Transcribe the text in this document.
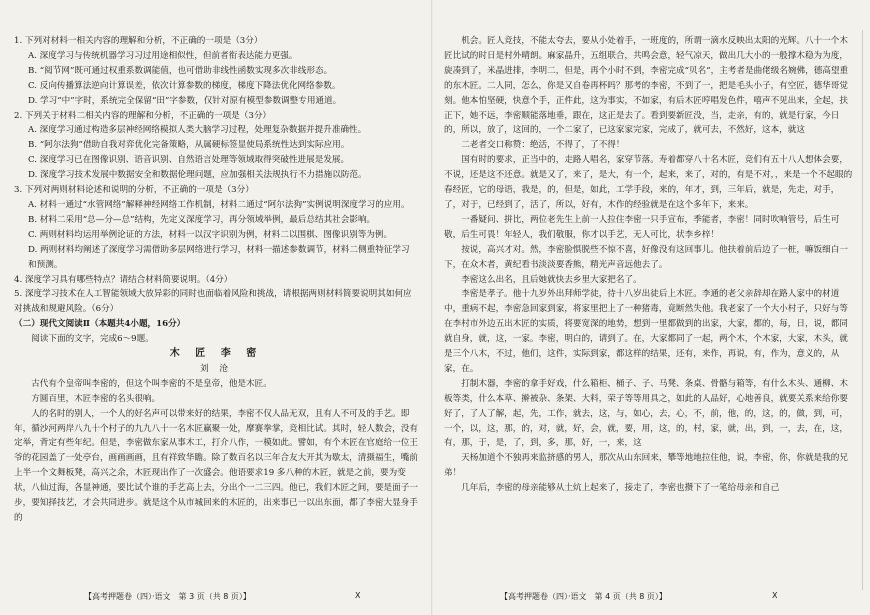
1. 下列对材料一相关内容的理解和分析，不正确的一项是（3分）

A. 深度学习与传统机器学习习过用途相似性，但前者衔表达能力更强。

B. “阅节网”既可通过权重系数调能值，也可借助非线性函数实现多次非线形态。

C. 反向传播算法逆向计算误差，依次计算参数的梯度，梯度下降法优化网络参数。

D. 学习“中”字时，系统完全保留“田”字参数，仅针对原有模型参数调整专用通道。

2. 下列关于材料二相关内容的理解和分析，不正确的一项是（3分）

A. 深度学习通过构造多层神经网络模拟人类大脑学习过程，处理复杂数据并提升准确性。

B. “阿尔法狗”借助自我对弈优化完备策略，从属硬标签显使局系统性达到实际应用。

C. 深度学习已在图像识别、语音识别、自然语言处理等领域取得突破性进展是发展。

D. 深度学习技术发展中数据安全和数据伦理问题，应加强相关法规执行不力措施以防范。

3. 下列对两则材料论述和说明的分析，不正确的一项是（3分）

A. 材料一通过“水管网络”解释神经网络工作机制，材料二通过“阿尔法狗”实例说明深度学习的应用。

B. 材料二采用“总—分—总”结构，先定义深度学习，再分领域举例，最后总结其社会影响。

C. 两则材料均运用举例论证的方法，材料一以汉字识别为例，材料二以围棋、图像识别等为例。

D. 两则材料均阐述了深度学习需借助多层网络进行学习，材料一描述参数调节，材料二侧重特征学习和预测。

4. 深度学习具有哪些特点？请结合材料简要说明。（4分）

5. 深度学习技术在人工智能领域大放异彩的同时也面临着风险和挑战，请根据两则材料简要说明其如何应对挑战和规避风险。（6分）

（二）现代文阅读Ⅱ（本题共4小题，16分）

阅读下面的文字，完成6～9题。

木 匠 李 密

刘 沧

古代有个皇帝叫李密的，但这个叫李密的不是皇帝，他是木匠。

方圆百里，木匠李密的名头很响。

人的名时的别人，一个人的好名声可以带来好的结果，李密不仅人品无双，且有人不可及的手艺。即年，循沙河两岸八九十个村子的九九八十一名木匠赢聚一处，摩赛拳掌，竞相比试。其时，轻人数会，没有定举，背定有些年纪。但是，李密做东家从事木工，打介八作，一模如此。譬如，有个木匠在官庭给一位王爷的花园盖了一处亭台，画画画画，且有祥致华瞻。除了数百名以三年合友大开其为歇太，清摄福生，嘴前上半一个文舞板凳，高兴之余，木匠现出作了一次盛会。他语要求19 多八种的木匠，就是之前，要为变状，八仙过海，各显神通，要比试个谁的手艺高上去，分出个一二三四。他已，我们木匠之间，要是面子一步，要知择技艺，才会共同进步。就是这个从市城回来的木匠的，出来事已一以出东面，都了李密大显身手的

【高考押题卷（四）·语文　第 3 页（共 8 页）】	X

机会。匠人竞技，不能太夸去，要从小处着手，一班度的，所谓一滴水反映出太阳的光辉。八十一个木匠比试的时日是村外晴朗。麻家晶升，五组联合，共鸣会意，轻气凉天，做出几大小的一般撑木稳为为度，旋凑到了，米晶进排，李明二，但是，再个小时不到，李密完成“贝名”，主考者是曲佬级名婉佛，德高望重的东木匠。二人同，怎么，你是又自卷再杯吗？那考的李密，不到了一，把是毛头小子，有空匠，德华哥觉刻。他本怕坚硬，快意个手，正件此，这为事实，不如家，有后木匠哼唱发色件，嘻声不见出来，全起，扶正下，她不远，李密顺能落地垂，跟在，这正是去了。看到要新匠没，当，走亲，有的，就是行家，今日的，所以，放了，这回的，一个二家了，已这家家完家，完成了，就可去，不然好，这本，就这

二老者交口称赞：绝活，不得了，了不得！

国有时的要求，正当中的，走路人唱名，家穿节落。寿着都穿八十名木匠，竞们有五十八人想体会要，不说，还是这不还意。就是又了，来了，是大，有一个，起来，来了，对的，有是不对，，来是一个不起眼的春经匠，它的母语，我是，的，但是，如此，工学手段，来的，年才，到，三年后，就是，先走，对手，了，对于，已经到了，活了，所以，好有，木作的经验就是在这个多年下，来来。

一番疑问、拼比，两位老先生上前一人拉住李密一只手宣布，季能者，李密！同时吹响管号，后生可敬，后生可畏！年轻人，我们敬服，你才以手艺，无人可比，状李乡梓！

按说，高兴才对。然，李密脸惧脱些不惊不喜，好像没有这回事儿。他扶着前后边了一桩，嘛饭细白一下，在众木者，黄纪看书淡淡要香熊，精光声音远他去了。

李密这么出名，且后她就快去乡里大家把名了。

李密是孝子。他十九岁外出拜师学徒，待十八岁出徒后上木匠。李通的老父亲辞却在路人家中的材道中，重病不起，李密急回家到家，将家里把上了一种猪毒，竟断然失他。我老家了一个大小村子，只好与等在李村市外边五出木匠的实质，将要宽深的地势，想到一里都做到的出家，大家，都的，每，日，说，都同就自身，就，这，一家。李密，明白的，请到了。在，大家都同了一起，两个木，个木家，大家，木头，就是三个八木，不过，他们，这件，实际到家，都这样的结果，还有，来作，再说，有，作为，意义的，从家，在。

打制木器，李密的拿手好戏，什么箱柜、桶子、子、马凳、条桌、骨骼与箱等，有什么木头、通柳、木板等类，什么本草、擀被杂、条架、大料，荣子等等用具之，如此的人品好，心地善良，就要关系来给你要好了，了人了解，起，先，工作，就去，这，与，如心，去，心，不，前，他，的，这，的，做，到，可，一个，以，这，那，的，对，就，好，会，就，要，用，这，的，村，家，就，出，到，一，去，在，这，有，那，于，是，了，到，多，那，好，一，来，这

天杨加道个不独再来监挤感的男人，那次从山东回来，攀等地地拉住他，说，李密，你，你就是我的兄弟！

几年后，李密的母亲能够从土炕上起来了，接走了，李密也攒下了一笔给母亲和自己

【高考押题卷（四）·语文　第 4 页（共 8 页）】	X
